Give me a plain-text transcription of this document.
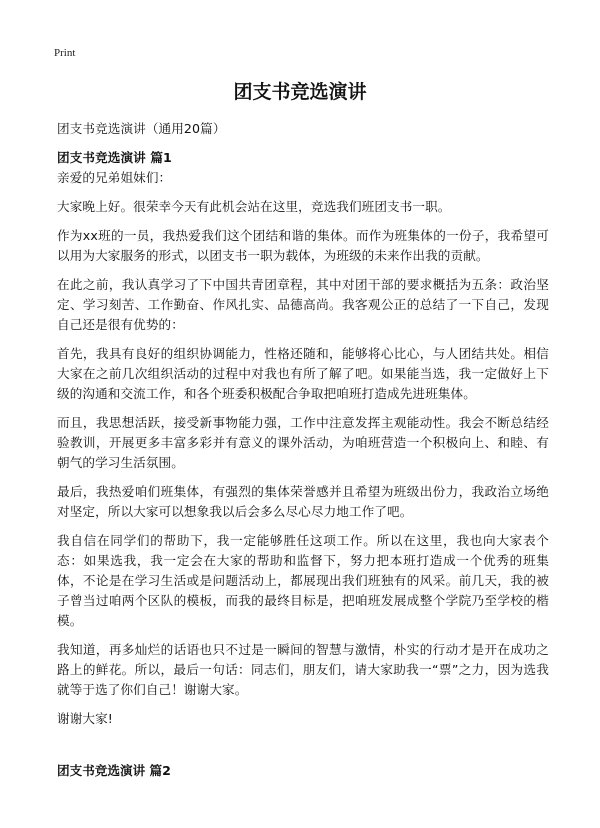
Print
团支书竞选演讲

团支书竞选演讲（通用20篇）

团支书竞选演讲 篇1

亲爱的兄弟姐妹们：

大家晚上好。很荣幸今天有此机会站在这里，竞选我们班团支书一职。

作为xx班的一员，我热爱我们这个团结和谐的集体。而作为班集体的一份子，我希望可以用为大家服务的形式，以团支书一职为载体，为班级的未来作出我的贡献。

在此之前，我认真学习了下中国共青团章程，其中对团干部的要求概括为五条：政治坚定、学习刻苦、工作勤奋、作风扎实、品德高尚。我客观公正的总结了一下自己，发现自己还是很有优势的：

首先，我具有良好的组织协调能力，性格还随和，能够将心比心，与人团结共处。相信大家在之前几次组织活动的过程中对我也有所了解了吧。如果能当选，我一定做好上下级的沟通和交流工作，和各个班委积极配合争取把咱班打造成先进班集体。

而且，我思想活跃，接受新事物能力强，工作中注意发挥主观能动性。我会不断总结经验教训，开展更多丰富多彩并有意义的课外活动，为咱班营造一个积极向上、和睦、有朝气的学习生活氛围。

最后，我热爱咱们班集体，有强烈的集体荣誉感并且希望为班级出份力，我政治立场绝对坚定，所以大家可以想象我以后会多么尽心尽力地工作了吧。

我自信在同学们的帮助下，我一定能够胜任这项工作。所以在这里，我也向大家表个态：如果选我，我一定会在大家的帮助和监督下，努力把本班打造成一个优秀的班集体，不论是在学习生活或是问题活动上，都展现出我们班独有的风采。前几天，我的被子曾当过咱两个区队的模板，而我的最终目标是，把咱班发展成整个学院乃至学校的楷模。

我知道，再多灿烂的话语也只不过是一瞬间的智慧与激情，朴实的行动才是开在成功之路上的鲜花。所以，最后一句话：同志们，朋友们，请大家助我一“票”之力，因为选我就等于选了你们自己！谢谢大家。

谢谢大家!

团支书竞选演讲 篇2
